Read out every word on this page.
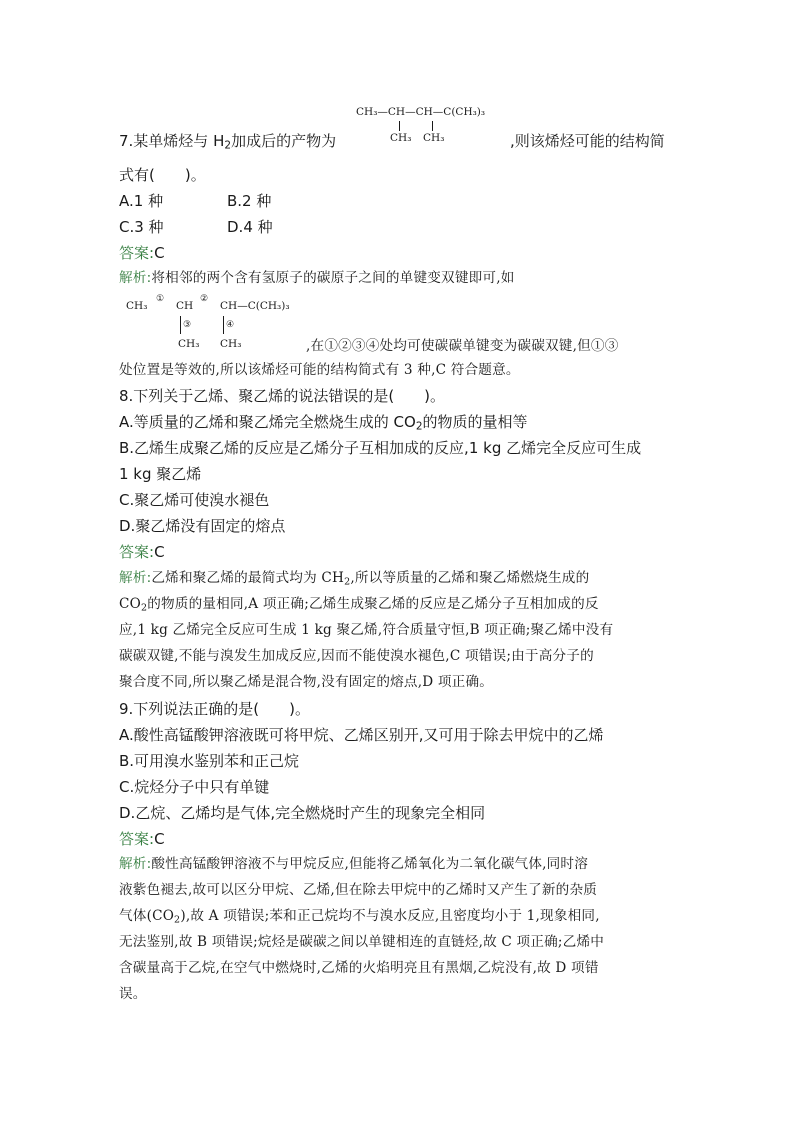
CH₃—CH—CH—C(CH₃)₃
CH₃ CH₃
7.某单烯烃与 $H_2$加成后的产物为	,则该烯烃可能的结构简
式有(　　)。
A.1 种	B.2 种
C.3 种	D.4 种
答案:C
解析:将相邻的两个含有氢原子的碳原子之间的单键变双键即可,如
CH₃
①
CH
②
CH—C(CH₃)₃
③	④
CH₃ CH₃	,在①②③④处均可使碳碳单键变为碳碳双键,但①③
处位置是等效的,所以该烯烃可能的结构简式有 3 种,C 符合题意。
8.下列关于乙烯、聚乙烯的说法错误的是(　　)。
A.等质量的乙烯和聚乙烯完全燃烧生成的 $CO_2$的物质的量相等
B.乙烯生成聚乙烯的反应是乙烯分子互相加成的反应,1 kg 乙烯完全反应可生成
1 kg 聚乙烯
C.聚乙烯可使溴水褪色
D.聚乙烯没有固定的熔点
答案:C
解析:乙烯和聚乙烯的最简式均为 $CH_2$,所以等质量的乙烯和聚乙烯燃烧生成的
$CO_2$的物质的量相同,A 项正确;乙烯生成聚乙烯的反应是乙烯分子互相加成的反
应,1 kg 乙烯完全反应可生成 1 kg 聚乙烯,符合质量守恒,B 项正确;聚乙烯中没有
碳碳双键,不能与溴发生加成反应,因而不能使溴水褪色,C 项错误;由于高分子的
聚合度不同,所以聚乙烯是混合物,没有固定的熔点,D 项正确。
9.下列说法正确的是(　　)。
A.酸性高锰酸钾溶液既可将甲烷、乙烯区别开,又可用于除去甲烷中的乙烯
B.可用溴水鉴别苯和正己烷
C.烷烃分子中只有单键
D.乙烷、乙烯均是气体,完全燃烧时产生的现象完全相同
答案:C
解析:酸性高锰酸钾溶液不与甲烷反应,但能将乙烯氧化为二氧化碳气体,同时溶
液紫色褪去,故可以区分甲烷、乙烯,但在除去甲烷中的乙烯时又产生了新的杂质
气体$(CO_2)$,故 A 项错误;苯和正己烷均不与溴水反应,且密度均小于 1,现象相同,
无法鉴别,故 B 项错误;烷烃是碳碳之间以单键相连的直链烃,故 C 项正确;乙烯中
含碳量高于乙烷,在空气中燃烧时,乙烯的火焰明亮且有黑烟,乙烷没有,故 D 项错
误。
